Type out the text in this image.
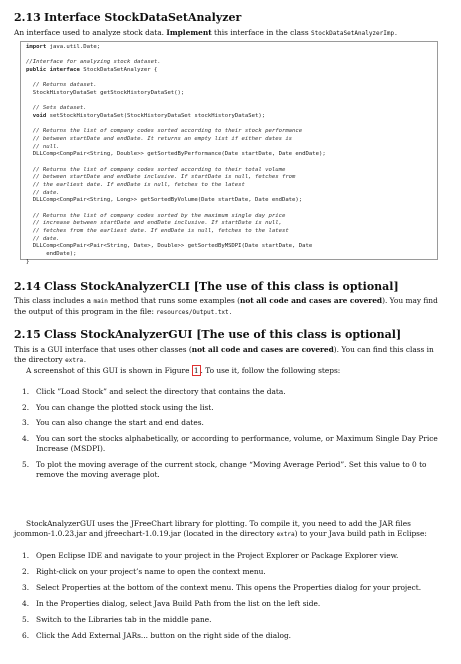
2.13 Interface StockDataSetAnalyzer

An interface used to analyze stock data. Implement this interface in the class StockDataSetAnalyzerImp.

import java.util.Date;
//Interface for analyzing stock dataset.
public interface StockDataSetAnalyzer {
// Returns dataset.
StockHistoryDataSet getStockHistoryDataSet();
// Sets dataset.
void setStockHistoryDataSet(StockHistoryDataSet stockHistoryDataSet);
// Returns the list of company codes sorted according to their stock performance
// between startDate and endDate. It returns an empty list if either dates is
// null.
DLLComp<CompPair<String, Double>> getSortedByPerformance(Date startDate, Date endDate);
// Returns the list of company codes sorted according to their total volume
// between startDate and endDate inclusive. If startDate is null, fetches from
// the earliest date. If endDate is null, fetches to the latest
// date.
DLLComp<CompPair<String, Long>> getSortedByVolume(Date startDate, Date endDate);
// Returns the list of company codes sorted by the maximum single day price
// increase between startDate and endDate inclusive. If startDate is null,
// fetches from the earliest date. If endDate is null, fetches to the latest
// date.
DLLComp<CompPair<Pair<String, Date>, Double>> getSortedByMSDPI(Date startDate, Date
endDate);
}
2.14 Class StockAnalyzerCLI [The use of this class is optional]

This class includes a main method that runs some examples (not all code and cases are covered). You may find the output of this program in the file: resources/Output.txt.

2.15 Class StockAnalyzerGUI [The use of this class is optional]

This is a GUI interface that uses other classes (not all code and cases are covered). You can find this class in the directory extra.

A screenshot of this GUI is shown in Figure 1 . To use it, follow the following steps:

1. Click ”Load Stock” and select the directory that contains the data.
2. You can change the plotted stock using the list.
3. You can also change the start and end dates.
4. You can sort the stocks alphabetically, or according to performance, volume, or Maximum Single Day Price Increase (MSDPI).
5. To plot the moving average of the current stock, change “Moving Average Period”. Set this value to 0 to remove the moving average plot.

StockAnalyzerGUI uses the JFreeChart library for plotting. To compile it, you need to add the JAR files jcommon-1.0.23.jar and jfreechart-1.0.19.jar (located in the directory extra) to your Java build path in Eclipse:

1. Open Eclipse IDE and navigate to your project in the Project Explorer or Package Explorer view.
2. Right-click on your project’s name to open the context menu.
3. Select Properties at the bottom of the context menu. This opens the Properties dialog for your project.
4. In the Properties dialog, select Java Build Path from the list on the left side.
5. Switch to the Libraries tab in the middle pane.
6. Click the Add External JARs... button on the right side of the dialog.
